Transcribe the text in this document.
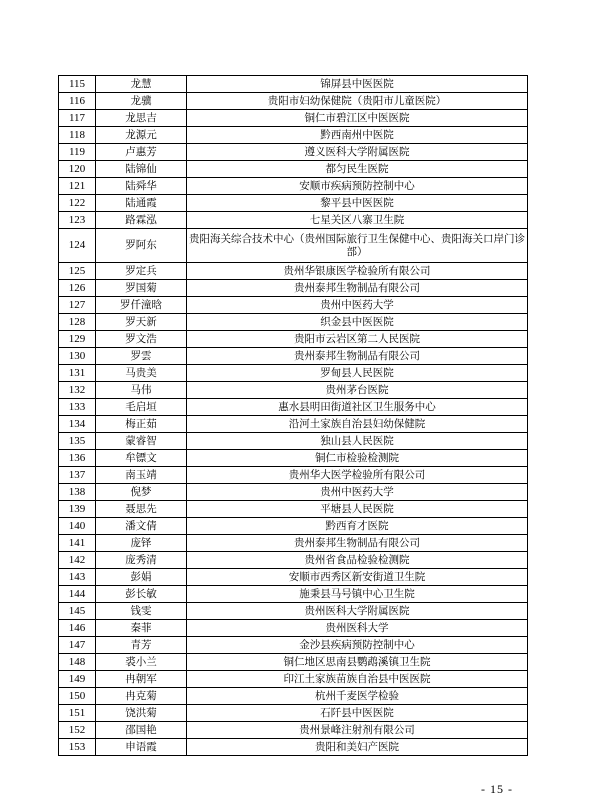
115	龙慧	锦屏县中医医院
116	龙骥	贵阳市妇幼保健院（贵阳市儿童医院）
117	龙思吉	铜仁市碧江区中医医院
118	龙源元	黔西南州中医院
119	卢惠芳	遵义医科大学附属医院
120	陆锦仙	都匀民生医院
121	陆舜华	安顺市疾病预防控制中心
122	陆通霞	黎平县中医医院
123	路霖泓	七星关区八寨卫生院
124	罗阿东	贵阳海关综合技术中心（贵州国际旅行卫生保健中心、贵阳海关口岸门诊部）
125	罗定兵	贵州华银康医学检验所有限公司
126	罗国菊	贵州泰邦生物制品有限公司
127	罗仟潼晗	贵州中医药大学
128	罗天新	织金县中医医院
129	罗文浩	贵阳市云岩区第二人民医院
130	罗雲	贵州泰邦生物制品有限公司
131	马贵美	罗甸县人民医院
132	马伟	贵州茅台医院
133	毛启垣	惠水县明田街道社区卫生服务中心
134	梅正茹	沿河土家族自治县妇幼保健院
135	蒙睿智	独山县人民医院
136	牟镖文	铜仁市检验检测院
137	南玉靖	贵州华大医学检验所有限公司
138	倪梦	贵州中医药大学
139	聂思先	平塘县人民医院
140	潘文倩	黔西育才医院
141	庞铎	贵州泰邦生物制品有限公司
142	庞秀清	贵州省食品检验检测院
143	彭娟	安顺市西秀区新安街道卫生院
144	彭长敏	施秉县马号镇中心卫生院
145	钱雯	贵州医科大学附属医院
146	秦菲	贵州医科大学
147	青芳	金沙县疾病预防控制中心
148	裘小兰	铜仁地区思南县鹦鹉溪镇卫生院
149	冉朝军	印江土家族苗族自治县中医医院
150	冉克菊	杭州千麦医学检验
151	饶洪菊	石阡县中医医院
152	邵国艳	贵州景峰注射剂有限公司
153	申语霞	贵阳和美妇产医院
- 15 -
